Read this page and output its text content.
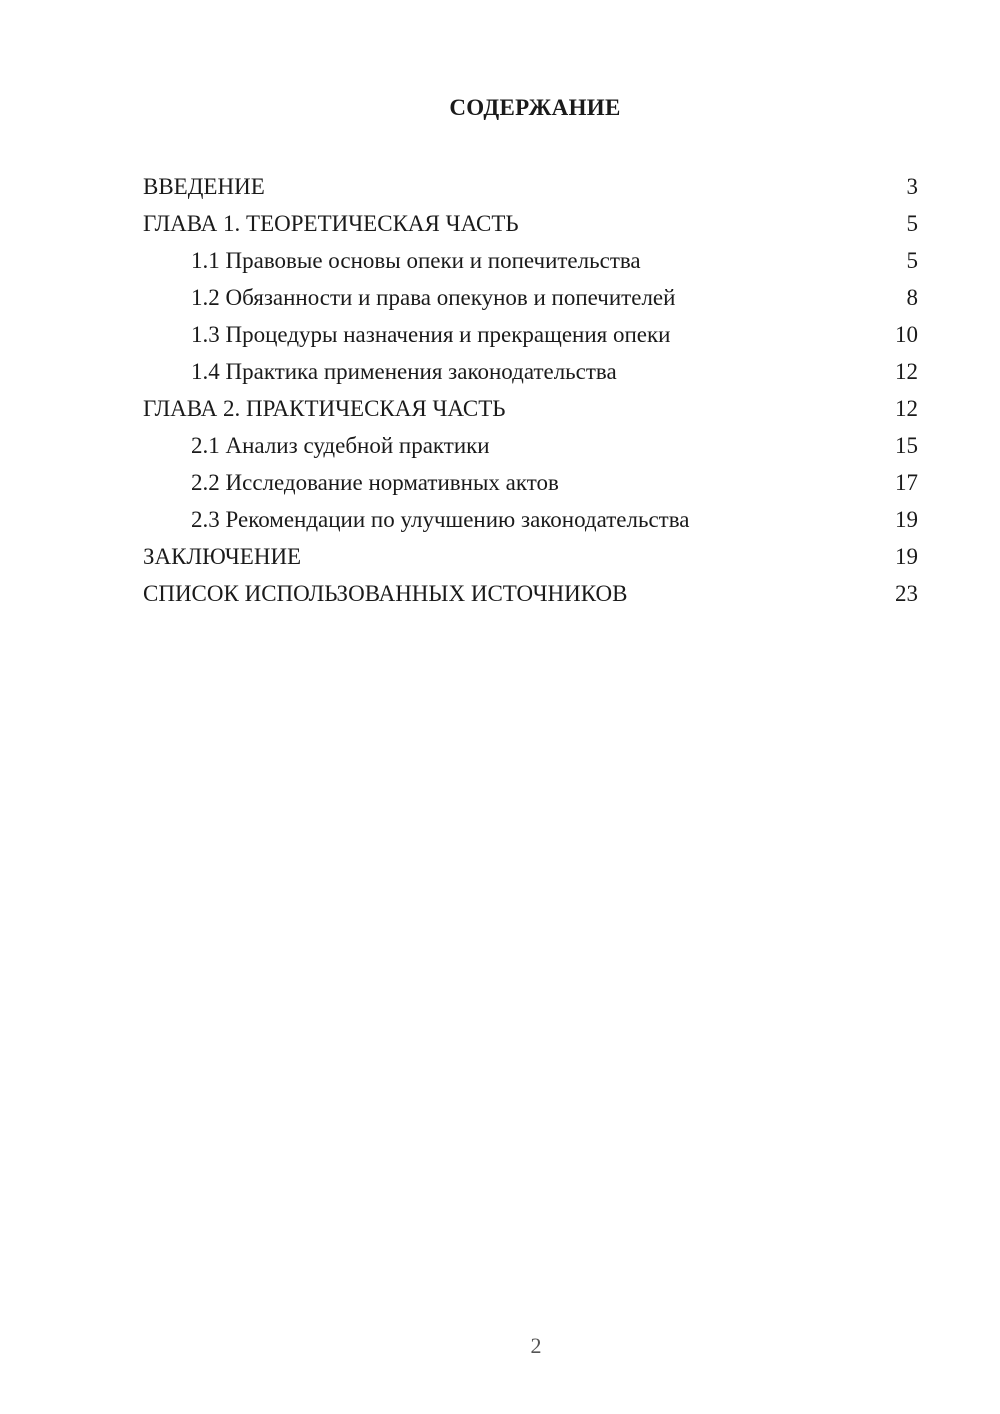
СОДЕРЖАНИЕ
ВВЕДЕНИЕ	3
ГЛАВА 1. ТЕОРЕТИЧЕСКАЯ ЧАСТЬ	5
1.1 Правовые основы опеки и попечительства	5
1.2 Обязанности и права опекунов и попечителей	8
1.3 Процедуры назначения и прекращения опеки	10
1.4 Практика применения законодательства	12
ГЛАВА 2. ПРАКТИЧЕСКАЯ ЧАСТЬ	12
2.1 Анализ судебной практики	15
2.2 Исследование нормативных актов	17
2.3 Рекомендации по улучшению законодательства	19
ЗАКЛЮЧЕНИЕ	19
СПИСОК ИСПОЛЬЗОВАННЫХ ИСТОЧНИКОВ	23
2
